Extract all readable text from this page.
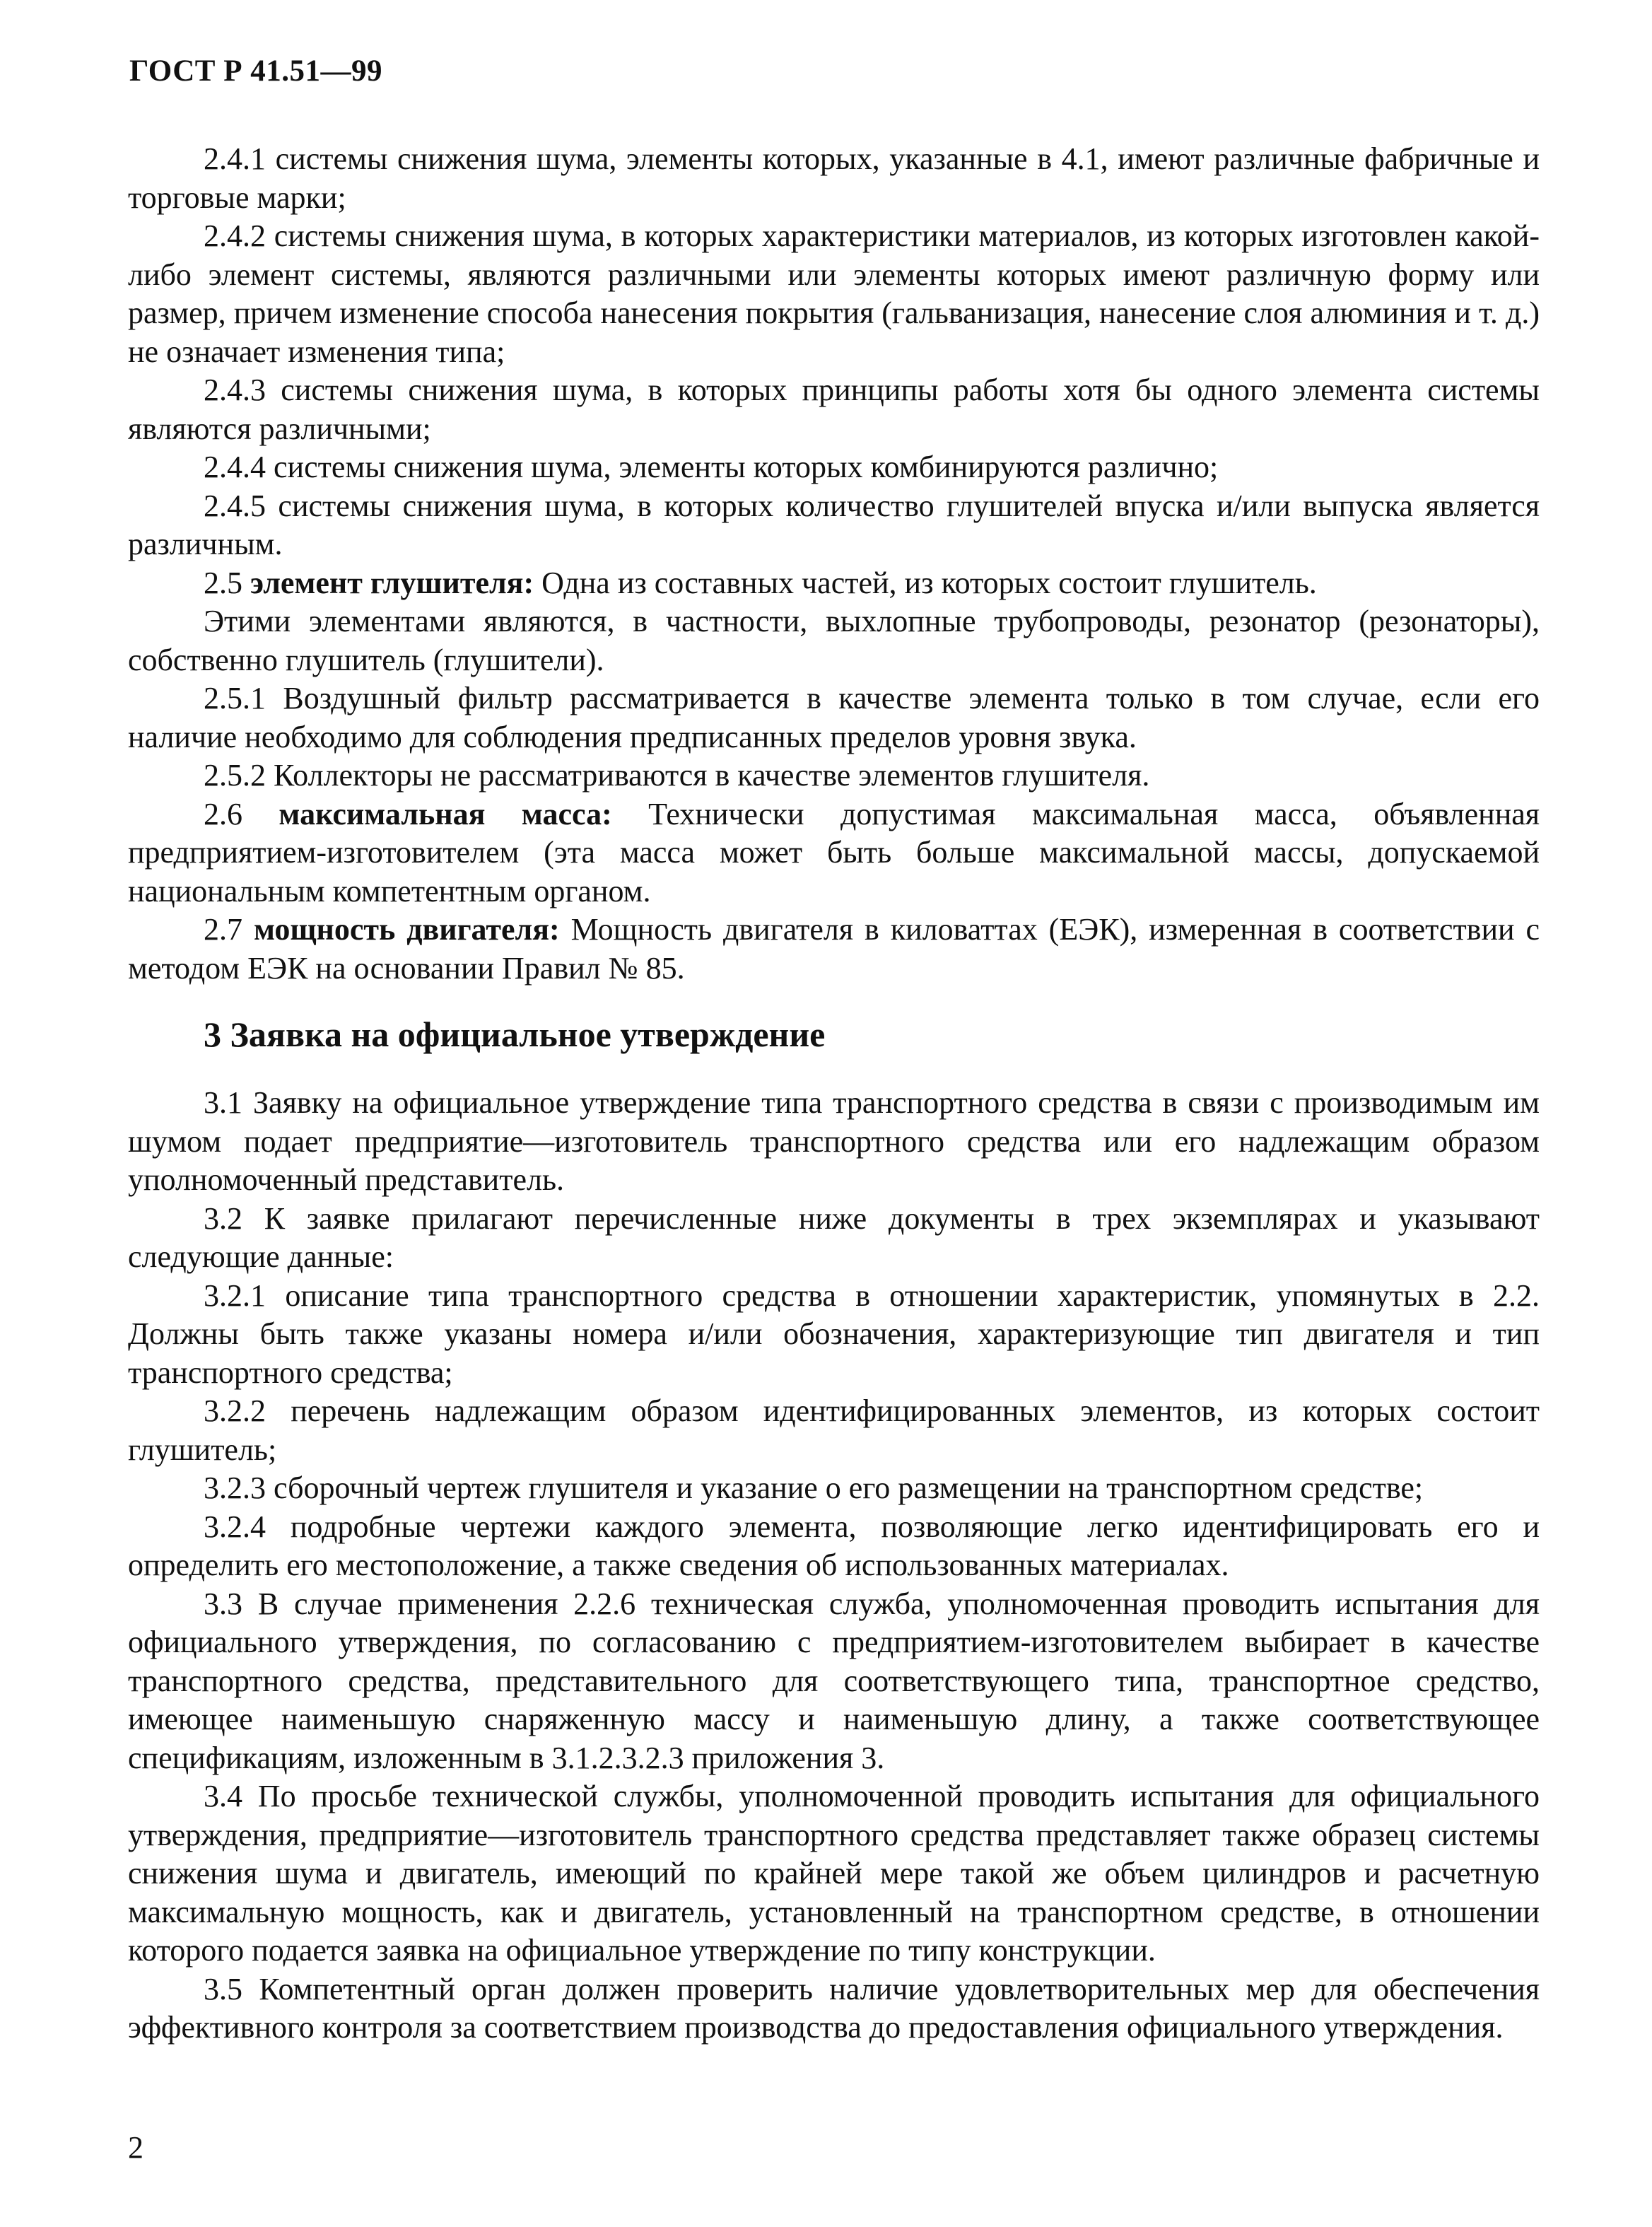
ГОСТ Р 41.51—99

2.4.1 системы снижения шума, элементы которых, указанные в 4.1, имеют различные фабричные и торговые марки;

2.4.2 системы снижения шума, в которых характеристики материалов, из которых изготовлен какой-либо элемент системы, являются различными или элементы которых имеют различную форму или размер, причем изменение способа нанесения покрытия (гальванизация, нанесение слоя алюминия и т. д.) не означает изменения типа;

2.4.3 системы снижения шума, в которых принципы работы хотя бы одного элемента системы являются различными;

2.4.4 системы снижения шума, элементы которых комбинируются различно;

2.4.5 системы снижения шума, в которых количество глушителей впуска и/или выпуска является различным.

2.5 элемент глушителя: Одна из составных частей, из которых состоит глушитель.

Этими элементами являются, в частности, выхлопные трубопроводы, резонатор (резонаторы), собственно глушитель (глушители).

2.5.1 Воздушный фильтр рассматривается в качестве элемента только в том случае, если его наличие необходимо для соблюдения предписанных пределов уровня звука.

2.5.2 Коллекторы не рассматриваются в качестве элементов глушителя.

2.6 максимальная масса: Технически допустимая максимальная масса, объявленная предприятием-изготовителем (эта масса может быть больше максимальной массы, допускаемой национальным компетентным органом.

2.7 мощность двигателя: Мощность двигателя в киловаттах (ЕЭК), измеренная в соответствии с методом ЕЭК на основании Правил № 85.

3 Заявка на официальное утверждение

3.1 Заявку на официальное утверждение типа транспортного средства в связи с производимым им шумом подает предприятие—изготовитель транспортного средства или его надлежащим образом уполномоченный представитель.

3.2 К заявке прилагают перечисленные ниже документы в трех экземплярах и указывают следующие данные:

3.2.1 описание типа транспортного средства в отношении характеристик, упомянутых в 2.2. Должны быть также указаны номера и/или обозначения, характеризующие тип двигателя и тип транспортного средства;

3.2.2 перечень надлежащим образом идентифицированных элементов, из которых состоит глушитель;

3.2.3 сборочный чертеж глушителя и указание о его размещении на транспортном средстве;

3.2.4 подробные чертежи каждого элемента, позволяющие легко идентифицировать его и определить его местоположение, а также сведения об использованных материалах.

3.3 В случае применения 2.2.6 техническая служба, уполномоченная проводить испытания для официального утверждения, по согласованию с предприятием-изготовителем выбирает в качестве транспортного средства, представительного для соответствующего типа, транспортное средство, имеющее наименьшую снаряженную массу и наименьшую длину, а также соответствующее спецификациям, изложенным в 3.1.2.3.2.3 приложения 3.

3.4 По просьбе технической службы, уполномоченной проводить испытания для официального утверждения, предприятие—изготовитель транспортного средства представляет также образец системы снижения шума и двигатель, имеющий по крайней мере такой же объем цилиндров и расчетную максимальную мощность, как и двигатель, установленный на транспортном средстве, в отношении которого подается заявка на официальное утверждение по типу конструкции.

3.5 Компетентный орган должен проверить наличие удовлетворительных мер для обеспечения эффективного контроля за соответствием производства до предоставления официального утверждения.

2
